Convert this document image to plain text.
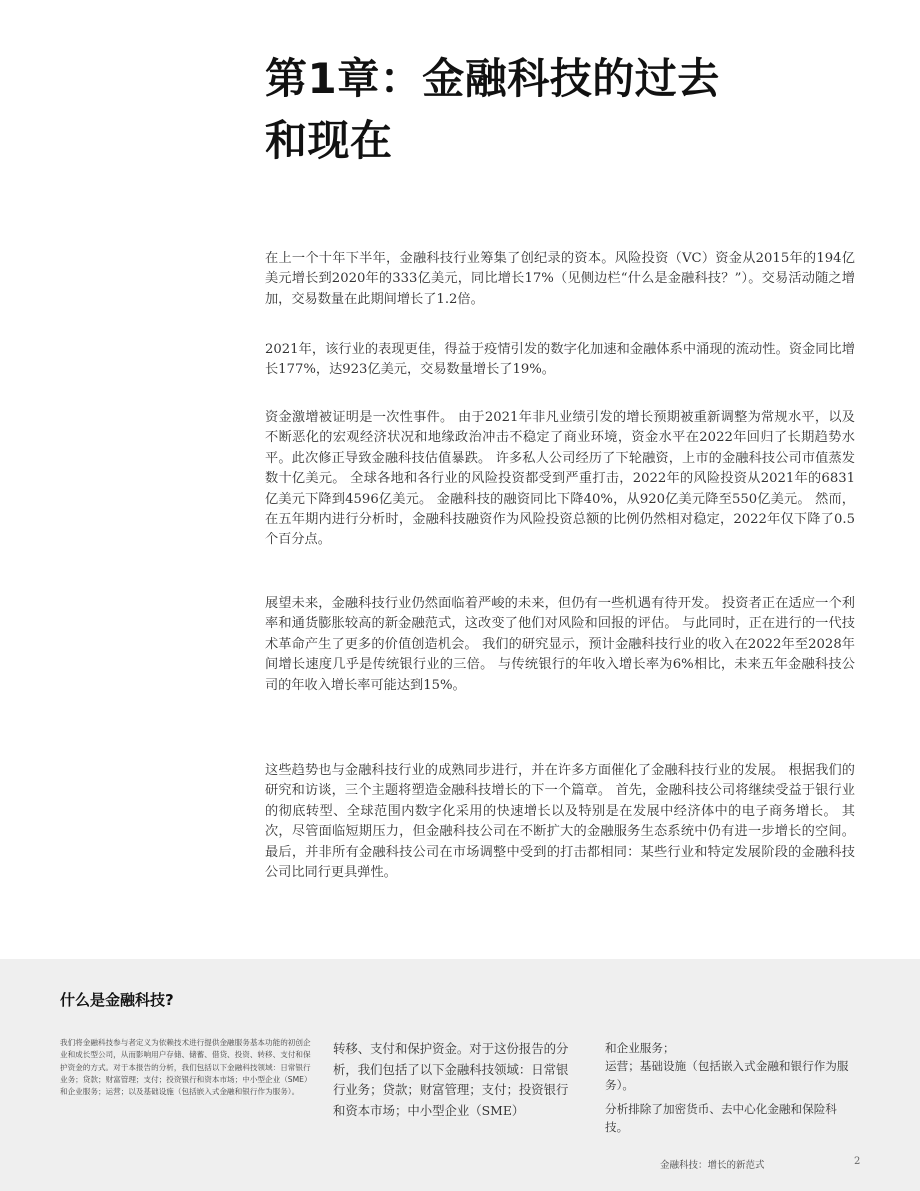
第1章：金融科技的过去
和现在

在上一个十年下半年，金融科技行业筹集了创纪录的资本。风险投资（VC）资金从2015年的194亿美元增长到2020年的333亿美元，同比增长17%（见侧边栏“什么是金融科技？”）。交易活动随之增加，交易数量在此期间增长了1.2倍。

2021年，该行业的表现更佳，得益于疫情引发的数字化加速和金融体系中涌现的流动性。资金同比增长177%，达923亿美元，交易数量增长了19%。

资金激增被证明是一次性事件。 由于2021年非凡业绩引发的增长预期被重新调整为常规水平，以及不断恶化的宏观经济状况和地缘政治冲击不稳定了商业环境，资金水平在2022年回归了长期趋势水平。此次修正导致金融科技估值暴跌。 许多私人公司经历了下轮融资，上市的金融科技公司市值蒸发数十亿美元。 全球各地和各行业的风险投资都受到严重打击，2022年的风险投资从2021年的6831亿美元下降到4596亿美元。 金融科技的融资同比下降40%，从920亿美元降至550亿美元。 然而，在五年期内进行分析时，金融科技融资作为风险投资总额的比例仍然相对稳定，2022年仅下降了0.5个百分点。

展望未来，金融科技行业仍然面临着严峻的未来，但仍有一些机遇有待开发。 投资者正在适应一个利率和通货膨胀较高的新金融范式，这改变了他们对风险和回报的评估。 与此同时，正在进行的一代技术革命产生了更多的价值创造机会。 我们的研究显示，预计金融科技行业的收入在2022年至2028年间增长速度几乎是传统银行业的三倍。 与传统银行的年收入增长率为6%相比，未来五年金融科技公司的年收入增长率可能达到15%。

这些趋势也与金融科技行业的成熟同步进行，并在许多方面催化了金融科技行业的发展。 根据我们的研究和访谈，三个主题将塑造金融科技增长的下一个篇章。 首先，金融科技公司将继续受益于银行业的彻底转型、全球范围内数字化采用的快速增长以及特别是在发展中经济体中的电子商务增长。 其次，尽管面临短期压力，但金融科技公司在不断扩大的金融服务生态系统中仍有进一步增长的空间。 最后，并非所有金融科技公司在市场调整中受到的打击都相同：某些行业和特定发展阶段的金融科技公司比同行更具弹性。

什么是金融科技?

我们将金融科技参与者定义为依赖技术进行提供金融服务基本功能的初创企业和成长型公司，从而影响用户存储、储蓄、借贷、投资、转移、支付和保护资金的方式。对于本报告的分析，我们包括以下金融科技领域：日常银行业务；贷款；财富管理；支付；投资银行和资本市场；中小型企业（SME）和企业服务；运营；以及基础设施（包括嵌入式金融和银行作为服务）。

转移、支付和保护资金。对于这份报告的分析，我们包括了以下金融科技领域：日常银行业务；贷款；财富管理；支付；投资银行和资本市场；中小型企业（SME）

和企业服务；

运营；基础设施（包括嵌入式金融和银行作为服务）。

分析排除了加密货币、去中心化金融和保险科技。

金融科技：增长的新范式	2
